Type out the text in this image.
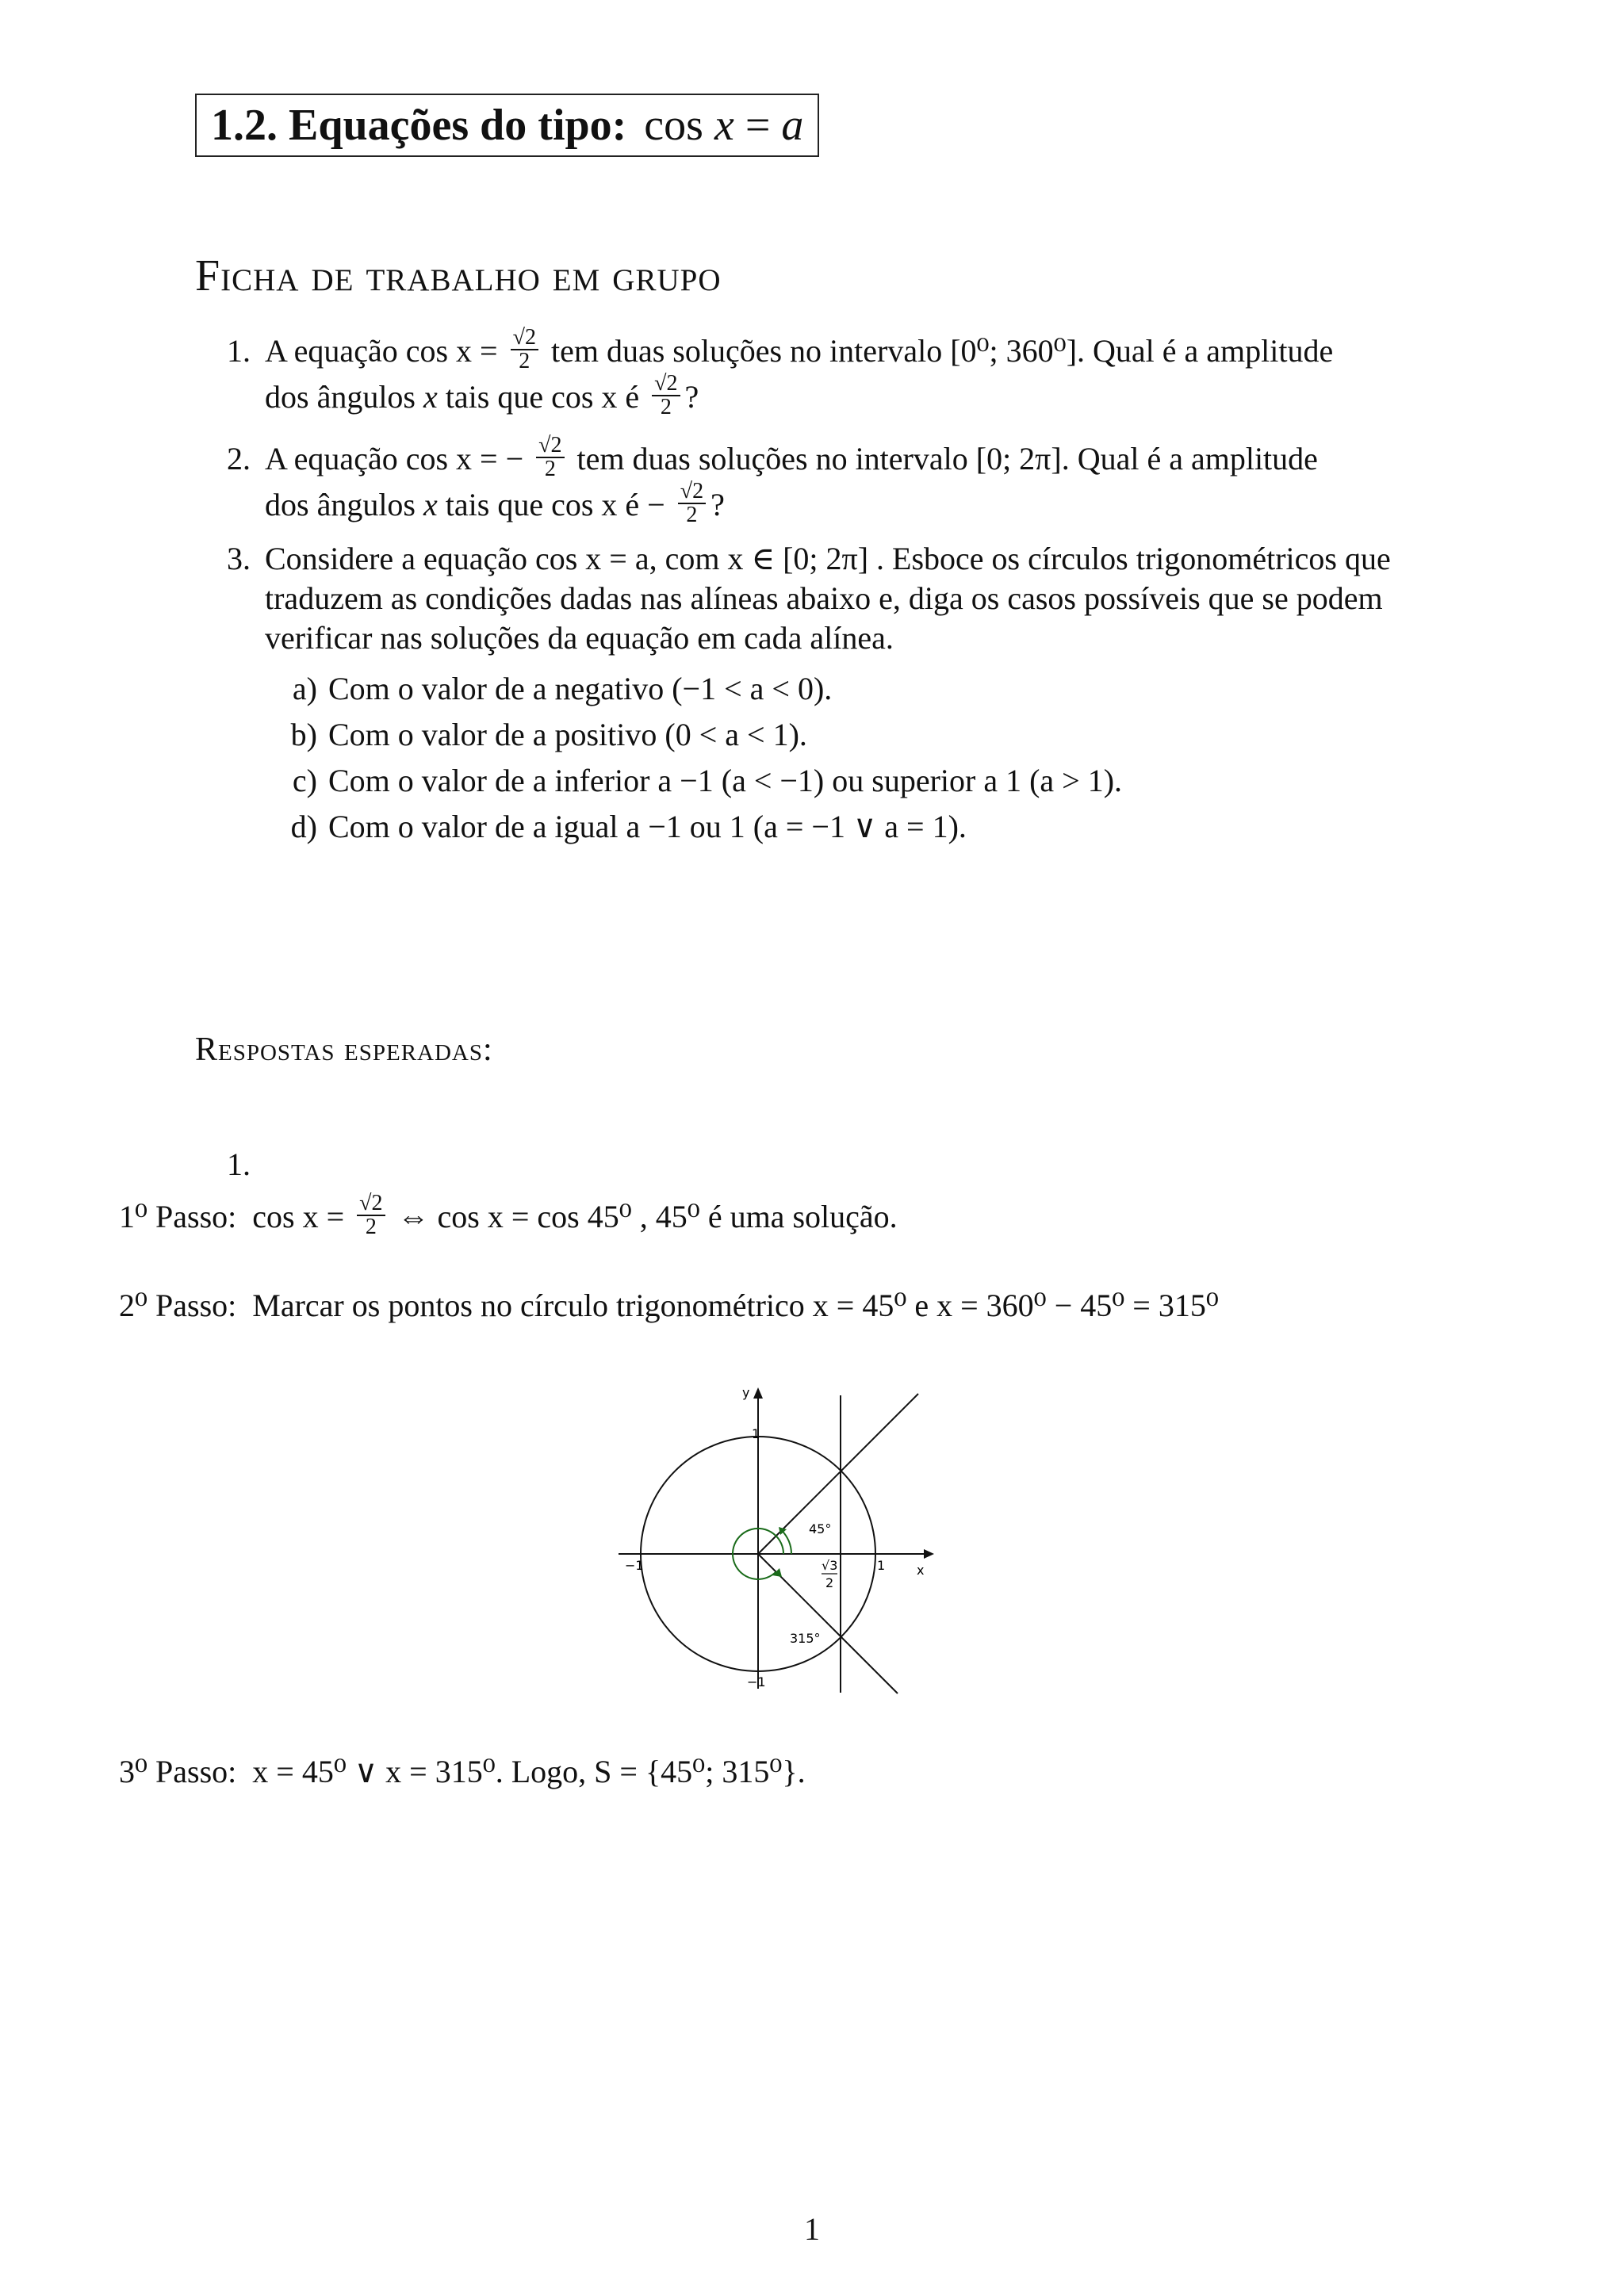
1.2. Equações do tipo: cos x = a
Ficha de trabalho em grupo
1. A equação $\cos x = \frac{√2}{2}$ tem duas soluções no intervalo [0⁰; 360⁰]. Qual é a amplitude
dos ângulos x tais que cos x é $\frac{√2}{2}$ ?
2. A equação cos x = − $\frac{√2}{2}$ tem duas soluções no intervalo [0; 2π]. Qual é a amplitude
dos ângulos x tais que cos x é − $\frac{√2}{2}$ ?
3. Considere a equação cos x = a, com x ∈ [0; 2π] . Esboce os círculos trigonométricos que traduzem as condições dadas nas alíneas abaixo e, diga os casos possíveis que se podem verificar nas soluções da equação em cada alínea.
a) Com o valor de a negativo (−1 < a < 0).
b) Com o valor de a positivo (0 < a < 1).
c) Com o valor de a inferior a −1 (a < −1) ou superior a 1 (a > 1).
d) Com o valor de a igual a −1 ou 1 (a = −1 ∨ a = 1).
Respostas esperadas:
1.
1⁰ Passo: $\cos x = \frac{√2}{2}$ ⇔ cos x = cos 45⁰ , 45⁰ é uma solução.
2⁰ Passo: Marcar os pontos no círculo trigonométrico x = 45⁰ e x = 360⁰ − 45⁰ = 315⁰
y
x
1
−1
−1	1
√3
2
45°
315°
3⁰ Passo: x = 45⁰ ∨ x = 315⁰. Logo, S = {45⁰; 315⁰}.
1
